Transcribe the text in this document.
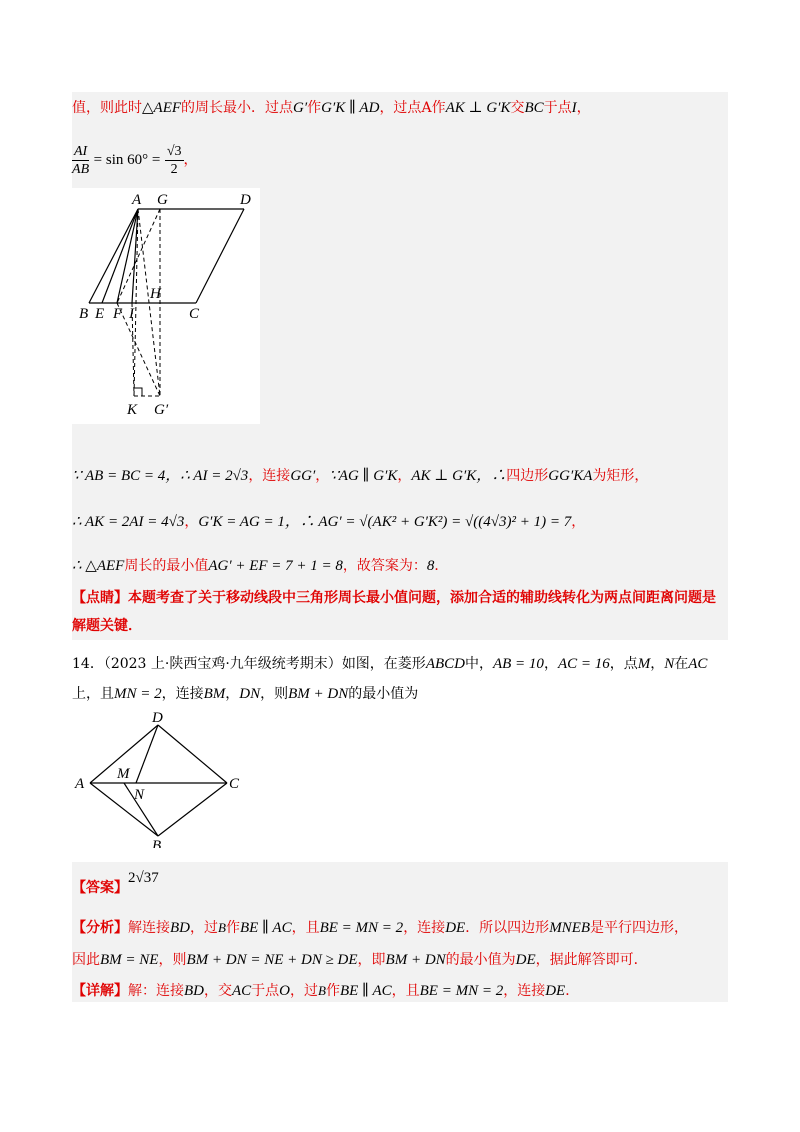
值，则此时△AEF的周长最小．过点G′作G′K ∥ AD，过点A作AK ⊥ G′K交BC于点I，
$\frac{AI}{AB} = \sin 60^\circ = \frac{√3}{2}$ ，
A G	D
B E F I
H
C
K G′
∵ AB = BC = 4，∴ AI = 2√3，连接GG′，∵AG ∥ G′K，AK ⊥ G′K，∴四边形GG′KA为矩形，
∴ AK = 2AI = 4√3，G′K = AG = 1，∴ AG′ = √(AK² + G′K²) = √((4√3)² + 1) = 7，
∴ △AEF周长的最小值AG′ + EF = 7 + 1 = 8，故答案为：8．
【点睛】本题考查了关于移动线段中三角形周长最小值问题，添加合适的辅助线转化为两点间距离问题是
解题关键．
14．（2023 上·陕西宝鸡·九年级统考期末）如图，在菱形ABCD中，AB = 10，AC = 16，点M，N在AC
上，且MN = 2，连接BM，DN，则BM + DN的最小值为
D
A
M
N
C
B
【答案】2√37
【分析】解连接BD，过B作BE ∥ AC，且BE = MN = 2，连接DE．所以四边形MNEB是平行四边形，
因此BM = NE，则BM + DN = NE + DN ≥ DE，即BM + DN的最小值为DE，据此解答即可．
【详解】解：连接BD，交AC于点O，过B作BE ∥ AC，且BE = MN = 2，连接DE．
